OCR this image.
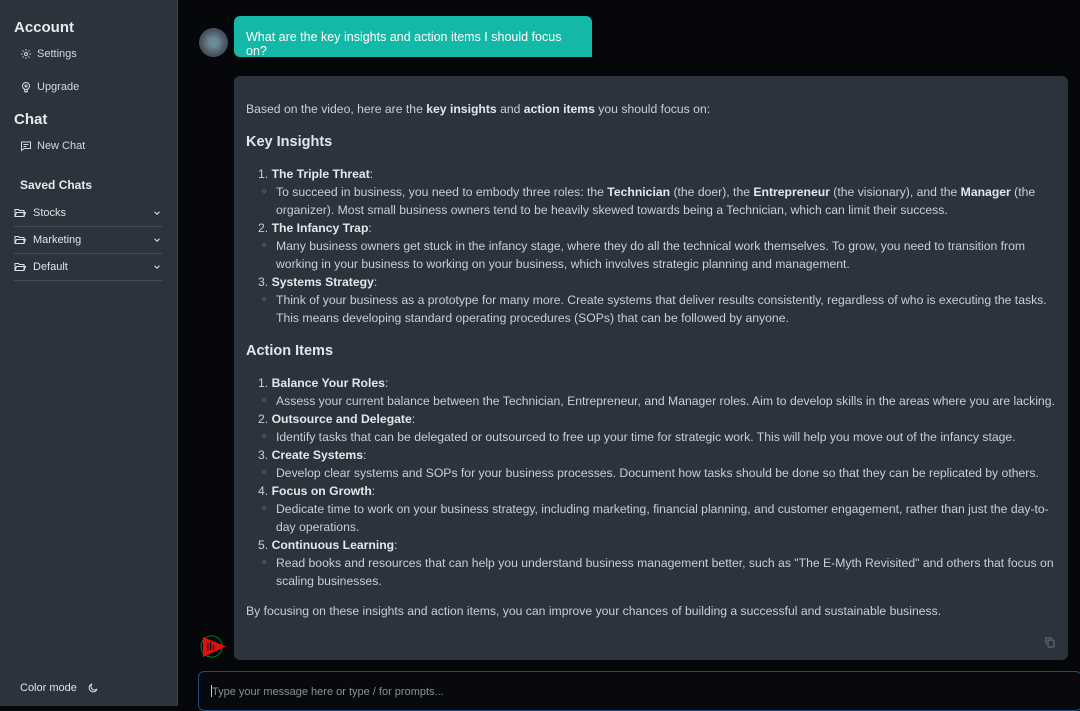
Account
Settings
Upgrade
Chat
New Chat
Saved Chats
Stocks
Marketing
Default
Color mode
What are the key insights and action items I should focus on?

Based on the video, here are the key insights and action items you should focus on:

Key Insights
1. The Triple Threat:
○ To succeed in business, you need to embody three roles: the Technician (the doer), the Entrepreneur (the visionary), and the Manager (the organizer). Most small business owners tend to be heavily skewed towards being a Technician, which can limit their success.
2. The Infancy Trap:
○ Many business owners get stuck in the infancy stage, where they do all the technical work themselves. To grow, you need to transition from working in your business to working on your business, which involves strategic planning and management.
3. Systems Strategy:
○ Think of your business as a prototype for many more. Create systems that deliver results consistently, regardless of who is executing the tasks. This means developing standard operating procedures (SOPs) that can be followed by anyone.
Action Items
1. Balance Your Roles:
○ Assess your current balance between the Technician, Entrepreneur, and Manager roles. Aim to develop skills in the areas where you are lacking.
2. Outsource and Delegate:
○ Identify tasks that can be delegated or outsourced to free up your time for strategic work. This will help you move out of the infancy stage.
3. Create Systems:
○ Develop clear systems and SOPs for your business processes. Document how tasks should be done so that they can be replicated by others.
4. Focus on Growth:
○ Dedicate time to work on your business strategy, including marketing, financial planning, and customer engagement, rather than just the day-to-day operations.
5. Continuous Learning:
○ Read books and resources that can help you understand business management better, such as "The E-Myth Revisited" and others that focus on scaling businesses.

By focusing on these insights and action items, you can improve your chances of building a successful and sustainable business.

Type your message here or type / for prompts...
